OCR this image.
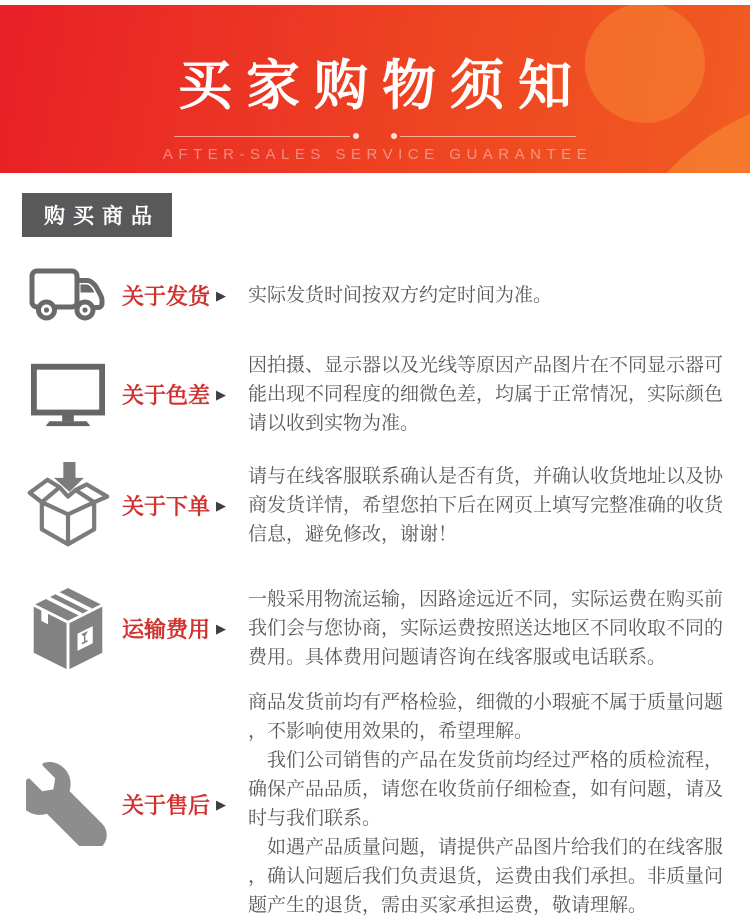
买家购物须知
AFTER-SALES SERVICE GUARANTEE
购买商品
关于发货 ▶ 实际发货时间按双方约定时间为准。

关于色差 ▶

因拍摄、显示器以及光线等原因产品图片在不同显示器可能出现不同程度的细微色差，均属于正常情况，实际颜色请以收到实物为准。

关于下单 ▶

请与在线客服联系确认是否有货，并确认收货地址以及协商发货详情，希望您拍下后在网页上填写完整准确的收货信息，避免修改，谢谢！

运输费用 ▶

一般采用物流运输，因路途远近不同，实际运费在购买前我们会与您协商，实际运费按照送达地区不同收取不同的费用。具体费用问题请咨询在线客服或电话联系。

关于售后 ▶

商品发货前均有严格检验，细微的小瑕疵不属于质量问题，不影响使用效果的，希望理解。

　我们公司销售的产品在发货前均经过严格的质检流程，确保产品品质，请您在收货前仔细检查，如有问题，请及时与我们联系。

　如遇产品质量问题，请提供产品图片给我们的在线客服，确认问题后我们负责退货，运费由我们承担。非质量问题产生的退货，需由买家承担运费，敬请理解。
